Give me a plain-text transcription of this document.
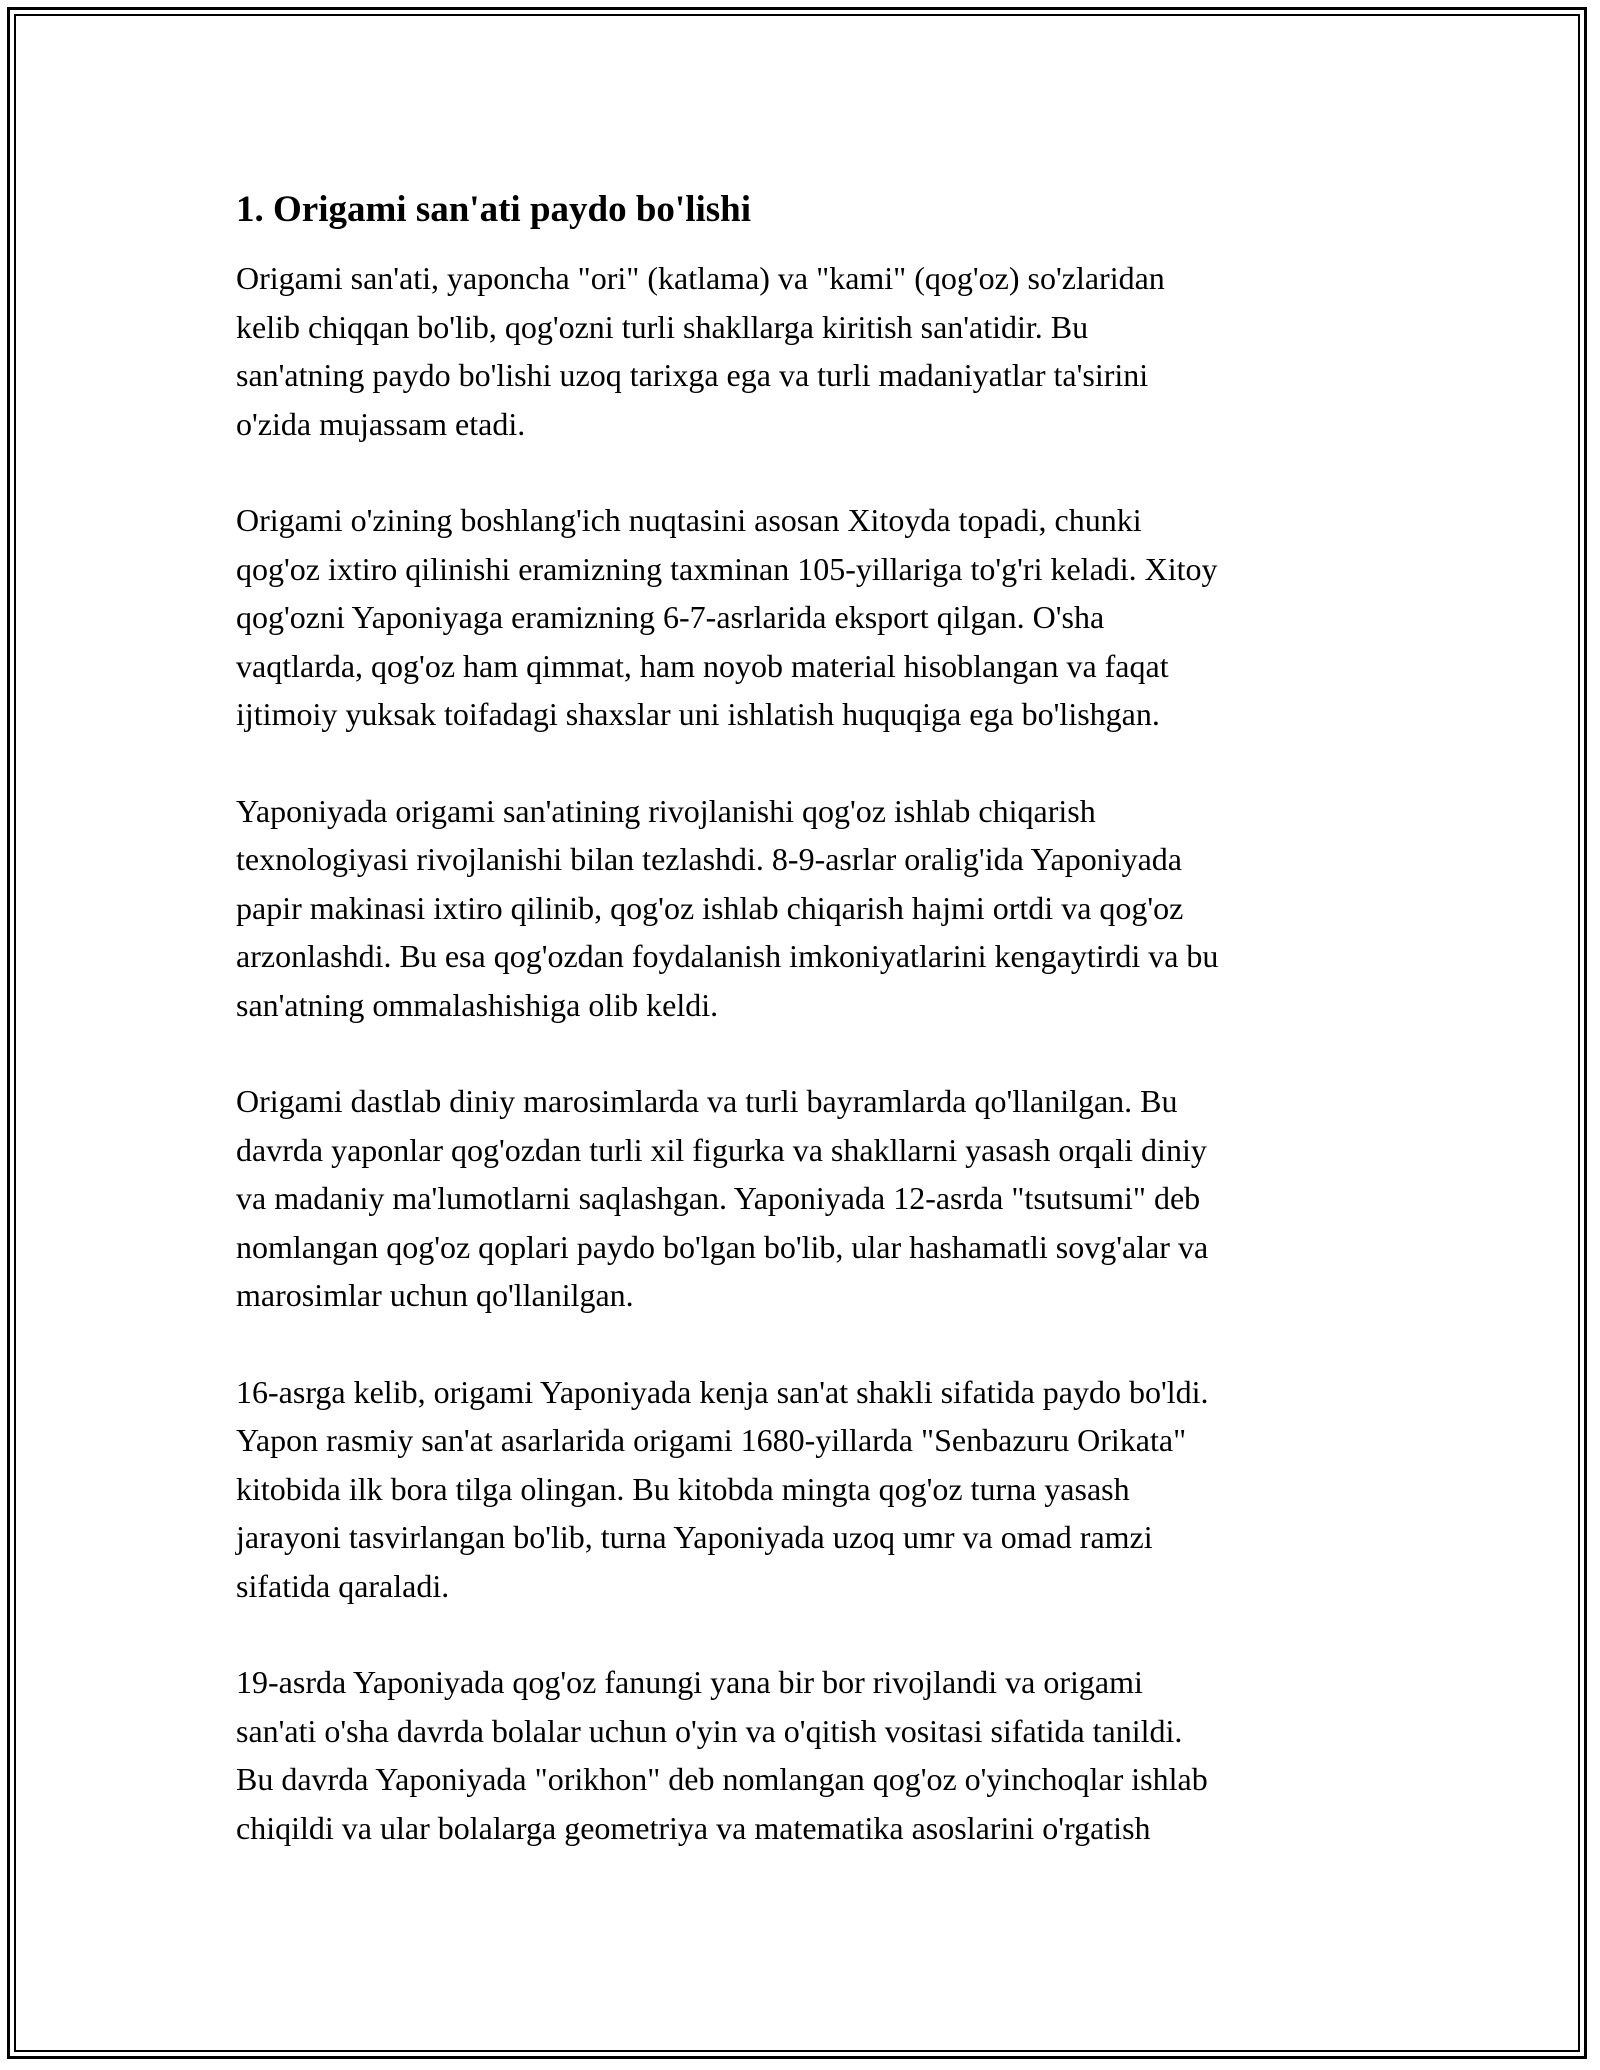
1. Origami san'ati paydo bo'lishi
Origami san'ati, yaponcha "ori" (katlama) va "kami" (qog'oz) so'zlaridan
kelib chiqqan bo'lib, qog'ozni turli shakllarga kiritish san'atidir. Bu
san'atning paydo bo'lishi uzoq tarixga ega va turli madaniyatlar ta'sirini
o'zida mujassam etadi.
Origami o'zining boshlang'ich nuqtasini asosan Xitoyda topadi, chunki
qog'oz ixtiro qilinishi eramizning taxminan 105-yillariga to'g'ri keladi. Xitoy
qog'ozni Yaponiyaga eramizning 6-7-asrlarida eksport qilgan. O'sha
vaqtlarda, qog'oz ham qimmat, ham noyob material hisoblangan va faqat
ijtimoiy yuksak toifadagi shaxslar uni ishlatish huquqiga ega bo'lishgan.
Yaponiyada origami san'atining rivojlanishi qog'oz ishlab chiqarish
texnologiyasi rivojlanishi bilan tezlashdi. 8-9-asrlar oralig'ida Yaponiyada
papir makinasi ixtiro qilinib, qog'oz ishlab chiqarish hajmi ortdi va qog'oz
arzonlashdi. Bu esa qog'ozdan foydalanish imkoniyatlarini kengaytirdi va bu
san'atning ommalashishiga olib keldi.
Origami dastlab diniy marosimlarda va turli bayramlarda qo'llanilgan. Bu
davrda yaponlar qog'ozdan turli xil figurka va shakllarni yasash orqali diniy
va madaniy ma'lumotlarni saqlashgan. Yaponiyada 12-asrda "tsutsumi" deb
nomlangan qog'oz qoplari paydo bo'lgan bo'lib, ular hashamatli sovg'alar va
marosimlar uchun qo'llanilgan.
16-asrga kelib, origami Yaponiyada kenja san'at shakli sifatida paydo bo'ldi.
Yapon rasmiy san'at asarlarida origami 1680-yillarda "Senbazuru Orikata"
kitobida ilk bora tilga olingan. Bu kitobda mingta qog'oz turna yasash
jarayoni tasvirlangan bo'lib, turna Yaponiyada uzoq umr va omad ramzi
sifatida qaraladi.
19-asrda Yaponiyada qog'oz fanungi yana bir bor rivojlandi va origami
san'ati o'sha davrda bolalar uchun o'yin va o'qitish vositasi sifatida tanildi.
Bu davrda Yaponiyada "orikhon" deb nomlangan qog'oz o'yinchoqlar ishlab
chiqildi va ular bolalarga geometriya va matematika asoslarini o'rgatish
